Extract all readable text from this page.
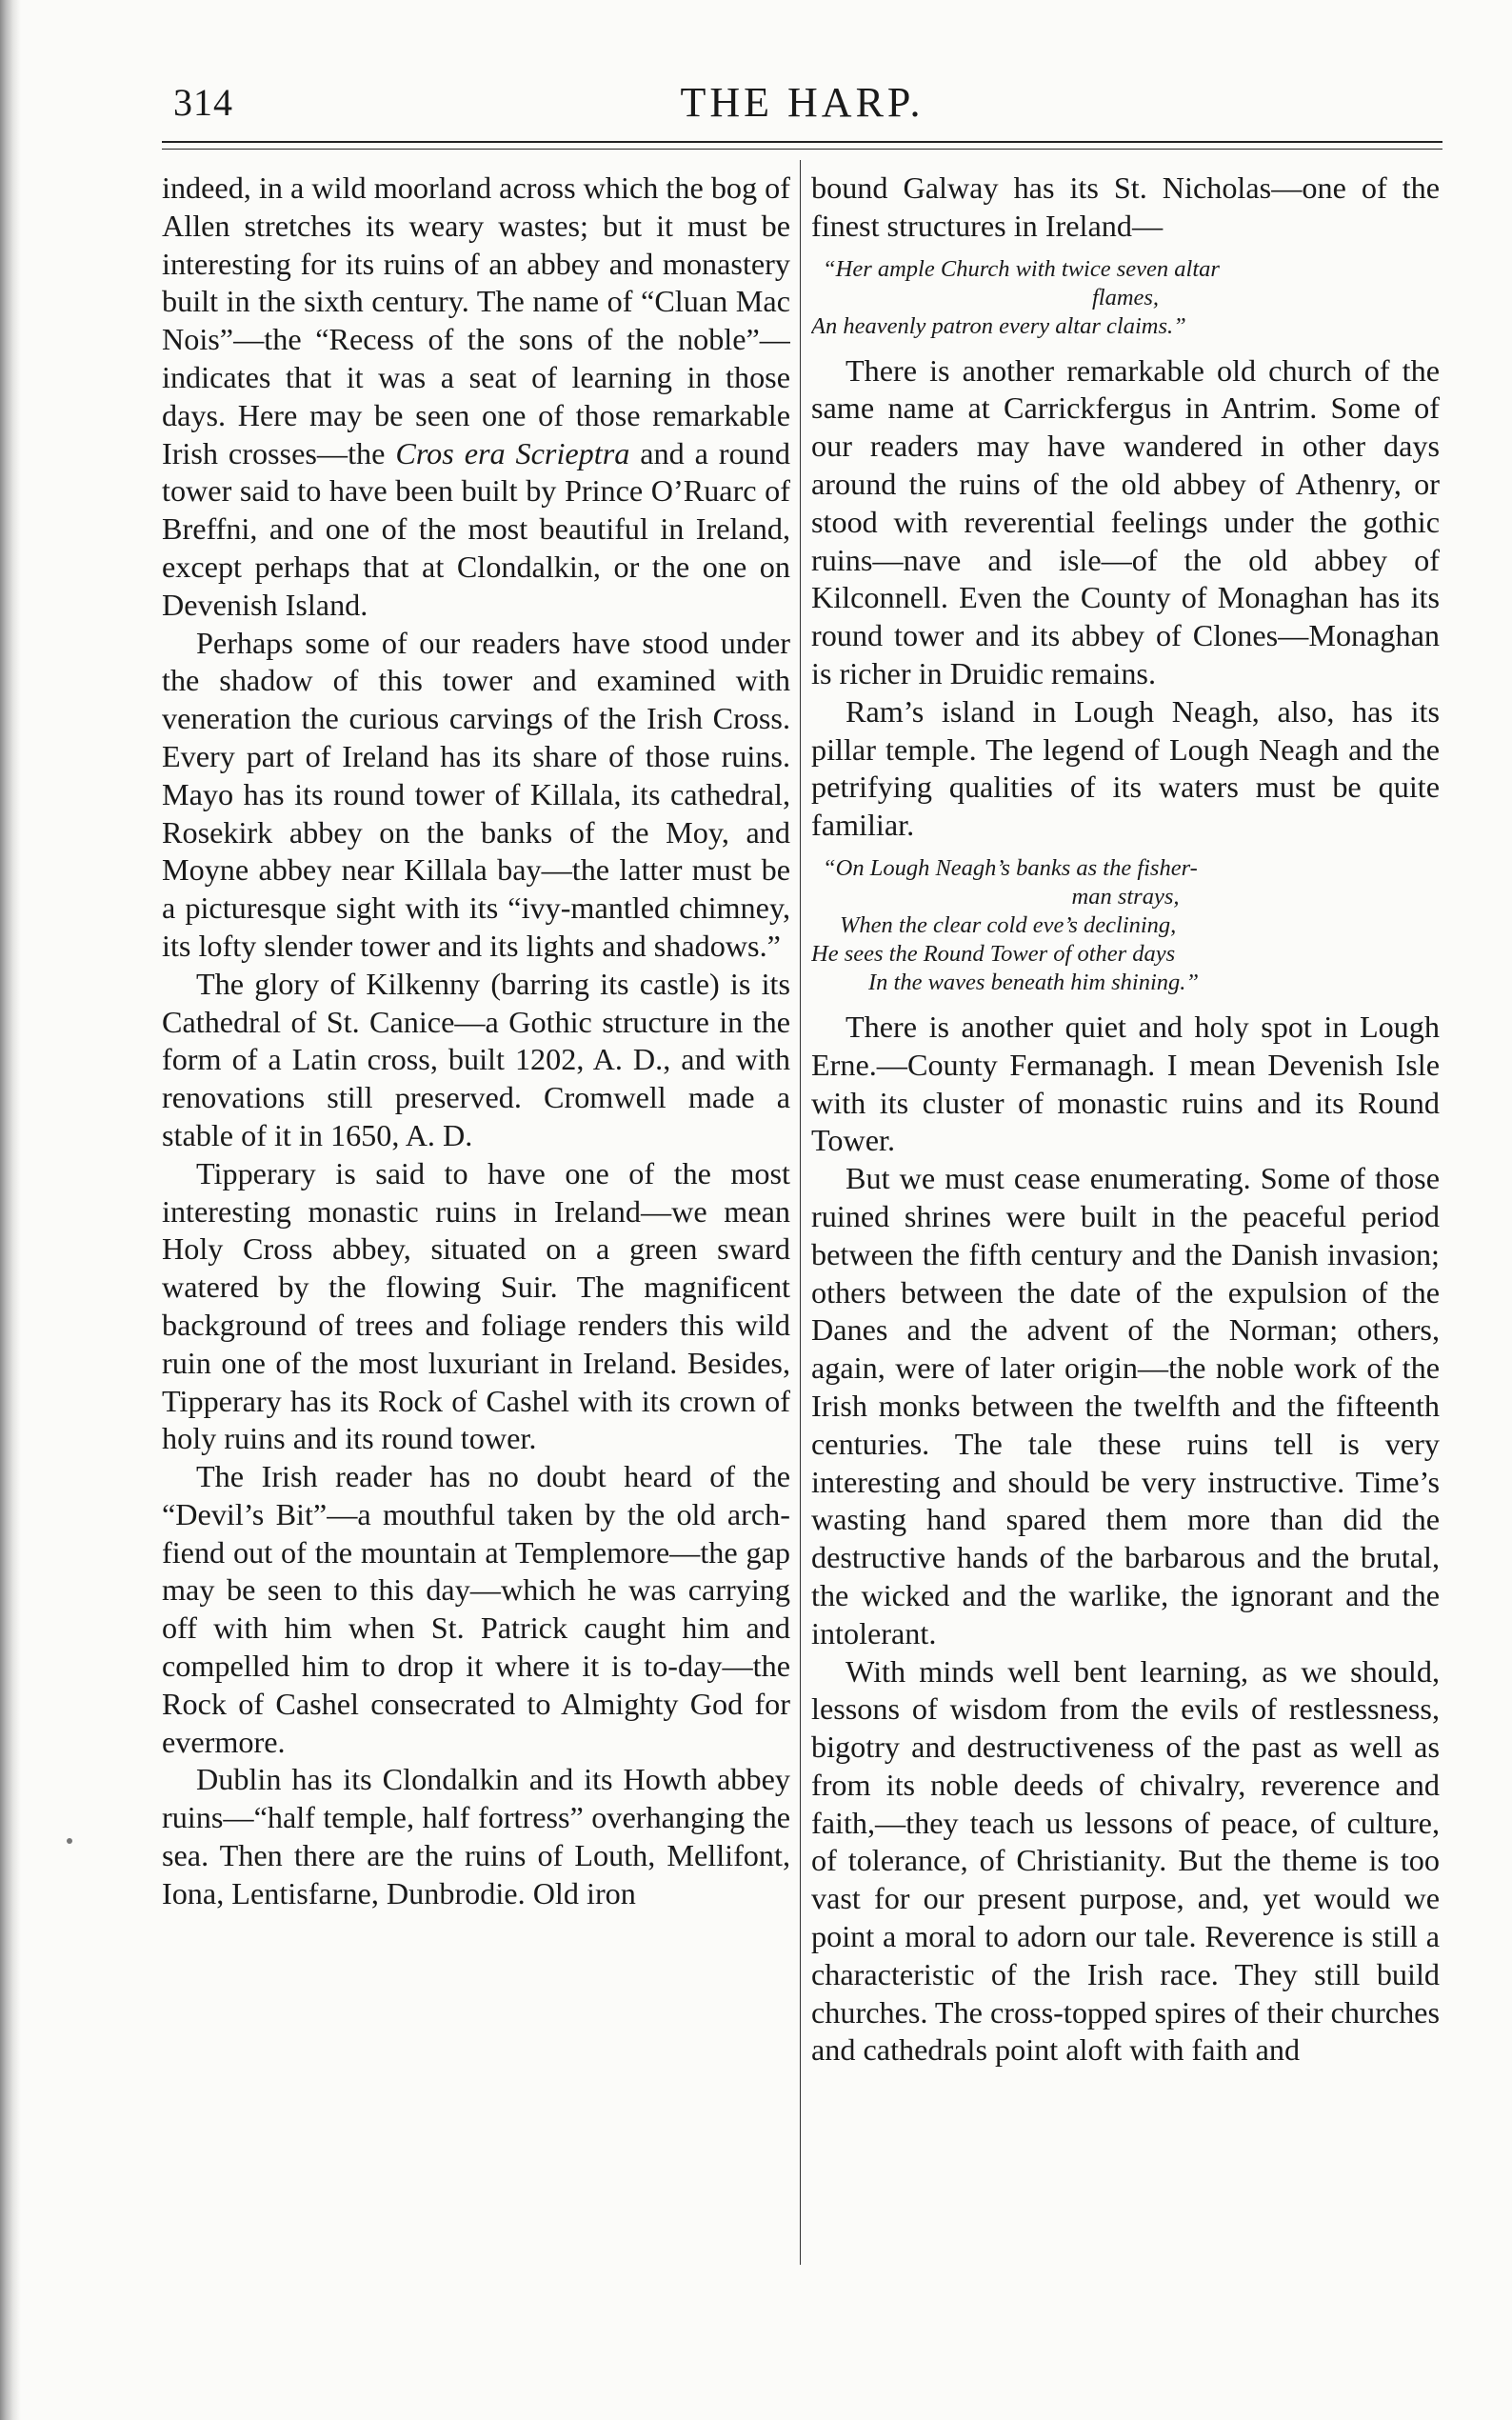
314	THE HARP.

indeed, in a wild moorland across which the bog of Allen stretches its weary wastes; but it must be interesting for its ruins of an abbey and monastery built in the sixth century. The name of “Cluan Mac Nois”—the “Recess of the sons of the noble”—indicates that it was a seat of learning in those days. Here may be seen one of those remarkable Irish crosses—the Cros era Scrieptra and a round tower said to have been built by Prince O’Ruarc of Breffni, and one of the most beautiful in Ireland, except perhaps that at Clondalkin, or the one on Devenish Island.

Perhaps some of our readers have stood under the shadow of this tower and examined with veneration the curious carvings of the Irish Cross. Every part of Ireland has its share of those ruins. Mayo has its round tower of Killala, its cathedral, Rosekirk abbey on the banks of the Moy, and Moyne abbey near Killala bay—the latter must be a picturesque sight with its “ivy-mantled chimney, its lofty slender tower and its lights and shadows.”

The glory of Kilkenny (barring its castle) is its Cathedral of St. Canice—a Gothic structure in the form of a Latin cross, built 1202, A. D., and with renovations still preserved. Cromwell made a stable of it in 1650, A. D.

Tipperary is said to have one of the most interesting monastic ruins in Ireland—we mean Holy Cross abbey, situated on a green sward watered by the flowing Suir. The magnificent background of trees and foliage renders this wild ruin one of the most luxuriant in Ireland. Besides, Tipperary has its Rock of Cashel with its crown of holy ruins and its round tower.

The Irish reader has no doubt heard of the “Devil’s Bit”—a mouthful taken by the old arch-fiend out of the mountain at Templemore—the gap may be seen to this day—which he was carrying off with him when St. Patrick caught him and compelled him to drop it where it is to-day—the Rock of Cashel consecrated to Almighty God for evermore.

Dublin has its Clondalkin and its Howth abbey ruins—“half temple, half fortress” overhanging the sea. Then there are the ruins of Louth, Mellifont, Iona, Lentisfarne, Dunbrodie. Old iron

bound Galway has its St. Nicholas—one of the finest structures in Ireland—

“Her ample Church with twice seven altar
flames,
An heavenly patron every altar claims.”

There is another remarkable old church of the same name at Carrickfergus in Antrim. Some of our readers may have wandered in other days around the ruins of the old abbey of Athenry, or stood with reverential feelings under the gothic ruins—nave and isle—of the old abbey of Kilconnell. Even the County of Monaghan has its round tower and its abbey of Clones—Monaghan is richer in Druidic remains.

Ram’s island in Lough Neagh, also, has its pillar temple. The legend of Lough Neagh and the petrifying qualities of its waters must be quite familiar.

“On Lough Neagh’s banks as the fisher-
man strays,
When the clear cold eve’s declining,
He sees the Round Tower of other days
In the waves beneath him shining.”

There is another quiet and holy spot in Lough Erne.—County Fermanagh. I mean Devenish Isle with its cluster of monastic ruins and its Round Tower.

But we must cease enumerating. Some of those ruined shrines were built in the peaceful period between the fifth century and the Danish invasion; others between the date of the expulsion of the Danes and the advent of the Norman; others, again, were of later origin—the noble work of the Irish monks between the twelfth and the fifteenth centuries. The tale these ruins tell is very interesting and should be very instructive. Time’s wasting hand spared them more than did the destructive hands of the barbarous and the brutal, the wicked and the warlike, the ignorant and the intolerant.

With minds well bent learning, as we should, lessons of wisdom from the evils of restlessness, bigotry and destructiveness of the past as well as from its noble deeds of chivalry, reverence and faith,—they teach us lessons of peace, of culture, of tolerance, of Christianity. But the theme is too vast for our present purpose, and, yet would we point a moral to adorn our tale. Reverence is still a characteristic of the Irish race. They still build churches. The cross-topped spires of their churches and cathedrals point aloft with faith and
